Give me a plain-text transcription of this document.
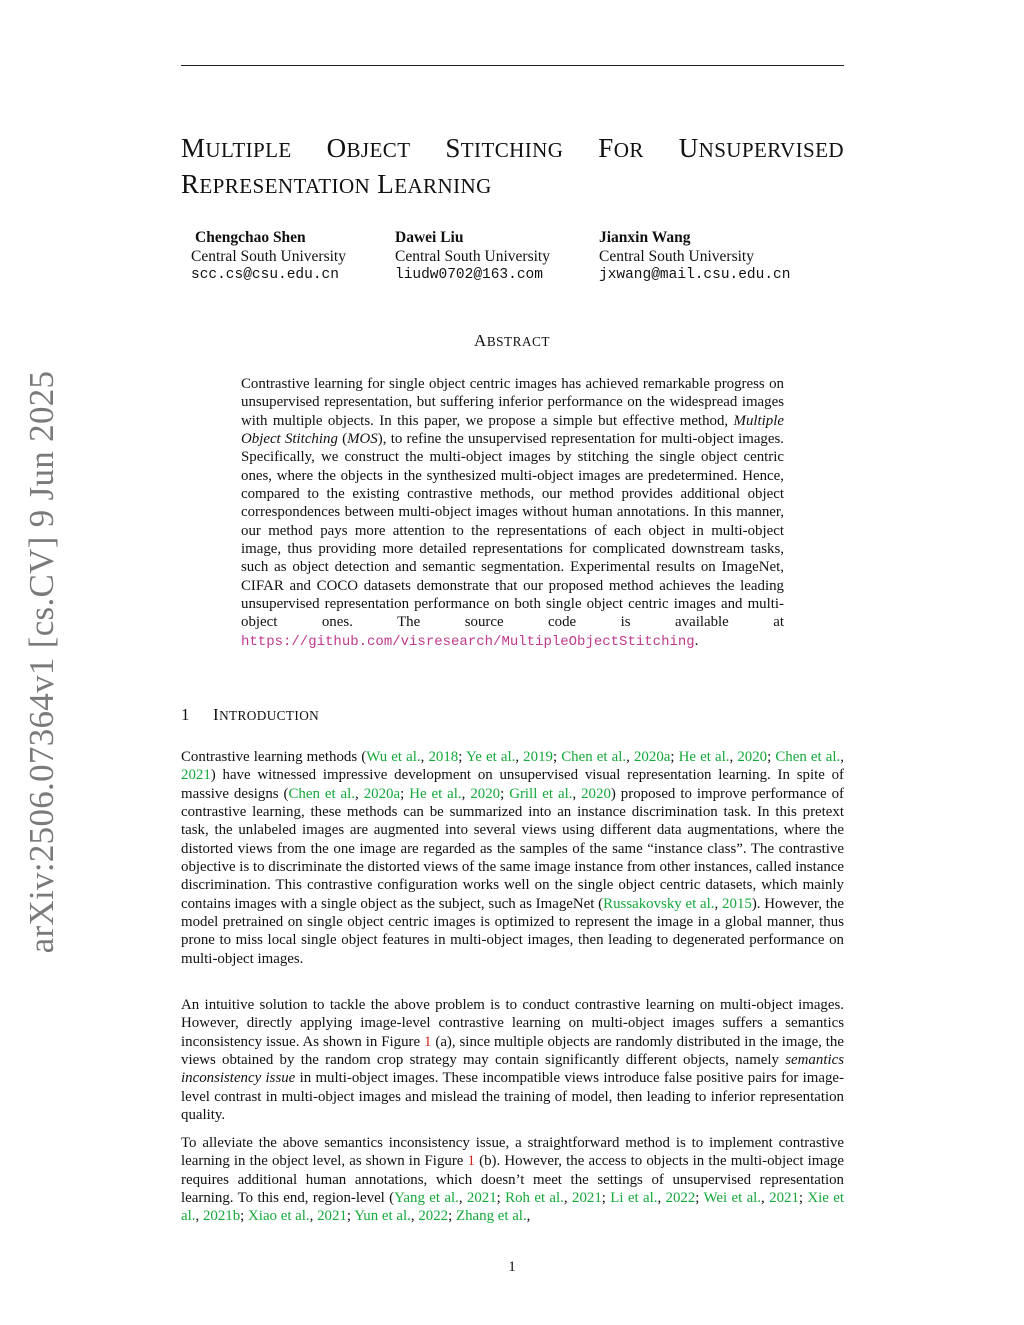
arXiv:2506.07364v1 [cs.CV] 9 Jun 2025
MULTIPLE OBJECT STITCHING FOR UNSUPERVISED
REPRESENTATION LEARNING
Chengchao Shen
Central South University
scc.cs@csu.edu.cn
Dawei Liu
Central South University
liudw0702@163.com
Jianxin Wang
Central South University
jxwang@mail.csu.edu.cn
ABSTRACT
Contrastive learning for single object centric images has achieved remarkable progress on unsupervised representation, but suffering inferior performance on the widespread images with multiple objects. In this paper, we propose a simple but effective method, Multiple Object Stitching (MOS), to refine the unsupervised representation for multi-object images. Specifically, we construct the multi-object images by stitching the single object centric ones, where the objects in the synthesized multi-object images are predetermined. Hence, compared to the existing contrastive methods, our method provides additional object correspondences between multi-object images without human annotations. In this manner, our method pays more attention to the representations of each object in multi-object image, thus providing more detailed representations for complicated downstream tasks, such as object detection and semantic segmentation. Experimental results on ImageNet, CIFAR and COCO datasets demonstrate that our proposed method achieves the leading unsupervised representation performance on both single object centric images and multi-object ones. The source code is available at https://github.com/visresearch/MultipleObjectStitching.
1 INTRODUCTION
Contrastive learning methods (Wu et al., 2018; Ye et al., 2019; Chen et al., 2020a; He et al., 2020; Chen et al., 2021) have witnessed impressive development on unsupervised visual representation learning. In spite of massive designs (Chen et al., 2020a; He et al., 2020; Grill et al., 2020) proposed to improve performance of contrastive learning, these methods can be summarized into an instance discrimination task. In this pretext task, the unlabeled images are augmented into several views using different data augmentations, where the distorted views from the one image are regarded as the samples of the same “instance class”. The contrastive objective is to discriminate the distorted views of the same image instance from other instances, called instance discrimination. This contrastive configuration works well on the single object centric datasets, which mainly contains images with a single object as the subject, such as ImageNet (Russakovsky et al., 2015). However, the model pretrained on single object centric images is optimized to represent the image in a global manner, thus prone to miss local single object features in multi-object images, then leading to degenerated performance on multi-object images.
An intuitive solution to tackle the above problem is to conduct contrastive learning on multi-object images. However, directly applying image-level contrastive learning on multi-object images suffers a semantics inconsistency issue. As shown in Figure 1 (a), since multiple objects are randomly distributed in the image, the views obtained by the random crop strategy may contain significantly different objects, namely semantics inconsistency issue in multi-object images. These incompatible views introduce false positive pairs for image-level contrast in multi-object images and mislead the training of model, then leading to inferior representation quality.
To alleviate the above semantics inconsistency issue, a straightforward method is to implement contrastive learning in the object level, as shown in Figure 1 (b). However, the access to objects in the multi-object image requires additional human annotations, which doesn’t meet the settings of unsupervised representation learning. To this end, region-level (Yang et al., 2021; Roh et al., 2021; Li et al., 2022; Wei et al., 2021; Xie et al., 2021b; Xiao et al., 2021; Yun et al., 2022; Zhang et al.,
1
